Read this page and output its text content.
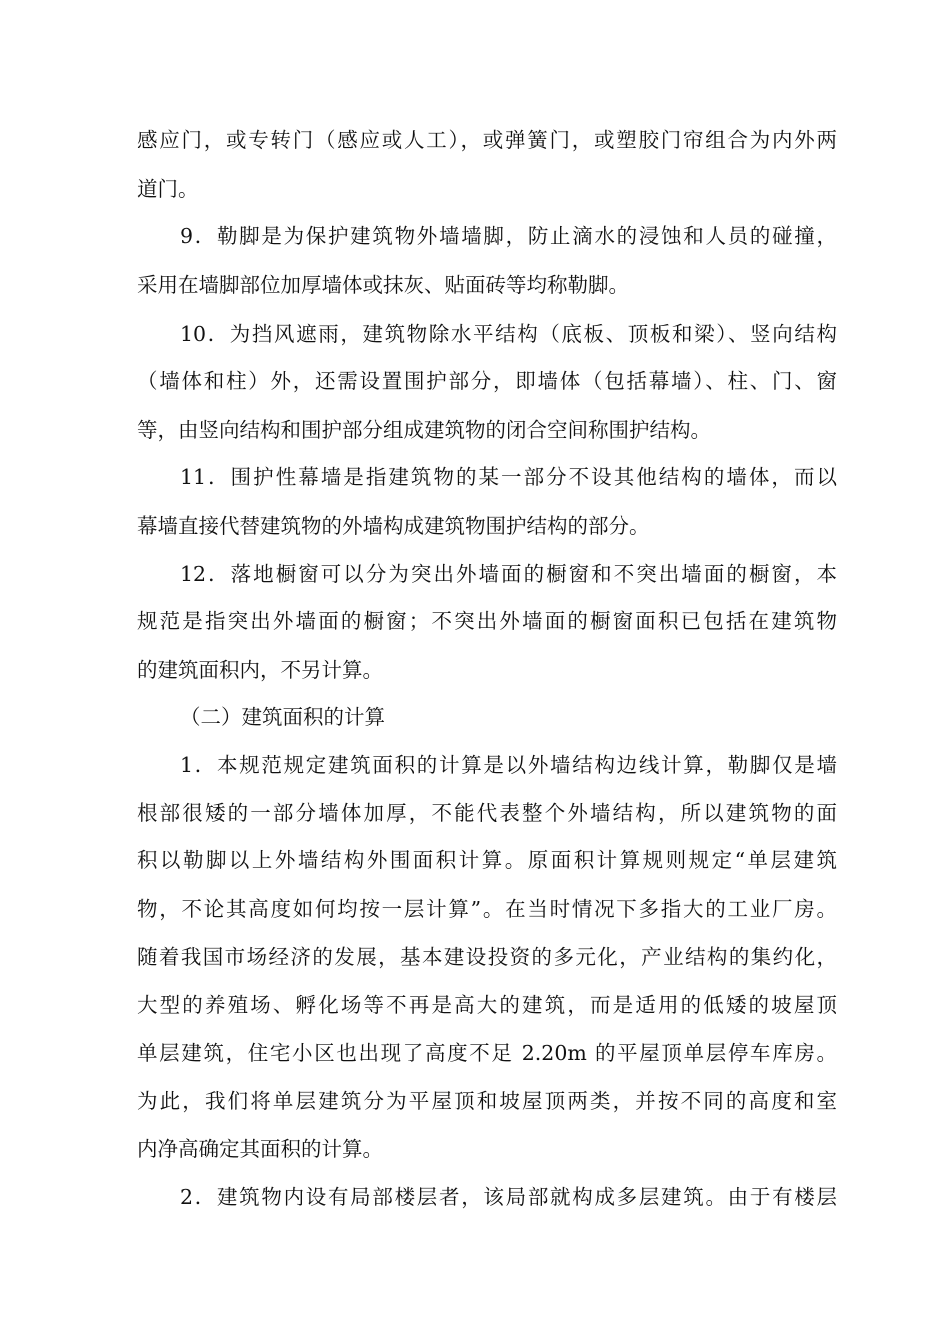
感应门，或专转门（感应或人工），或弹簧门，或塑胶门帘组合为内外两
道门。
9．勒脚是为保护建筑物外墙墙脚，防止滴水的浸蚀和人员的碰撞，
采用在墙脚部位加厚墙体或抹灰、贴面砖等均称勒脚。
10．为挡风遮雨，建筑物除水平结构（底板、顶板和梁）、竖向结构
（墙体和柱）外，还需设置围护部分，即墙体（包括幕墙）、柱、门、窗
等，由竖向结构和围护部分组成建筑物的闭合空间称围护结构。
11．围护性幕墙是指建筑物的某一部分不设其他结构的墙体，而以
幕墙直接代替建筑物的外墙构成建筑物围护结构的部分。
12．落地橱窗可以分为突出外墙面的橱窗和不突出墙面的橱窗，本
规范是指突出外墙面的橱窗；不突出外墙面的橱窗面积已包括在建筑物
的建筑面积内，不另计算。
（二）建筑面积的计算
1．本规范规定建筑面积的计算是以外墙结构边线计算，勒脚仅是墙
根部很矮的一部分墙体加厚，不能代表整个外墙结构，所以建筑物的面
积以勒脚以上外墙结构外围面积计算。原面积计算规则规定“单层建筑
物，不论其高度如何均按一层计算”。在当时情况下多指大的工业厂房。
随着我国市场经济的发展，基本建设投资的多元化，产业结构的集约化，
大型的养殖场、孵化场等不再是高大的建筑，而是适用的低矮的坡屋顶
单层建筑，住宅小区也出现了高度不足 2.20m 的平屋顶单层停车库房。
为此，我们将单层建筑分为平屋顶和坡屋顶两类，并按不同的高度和室
内净高确定其面积的计算。
2．建筑物内设有局部楼层者，该局部就构成多层建筑。由于有楼层
